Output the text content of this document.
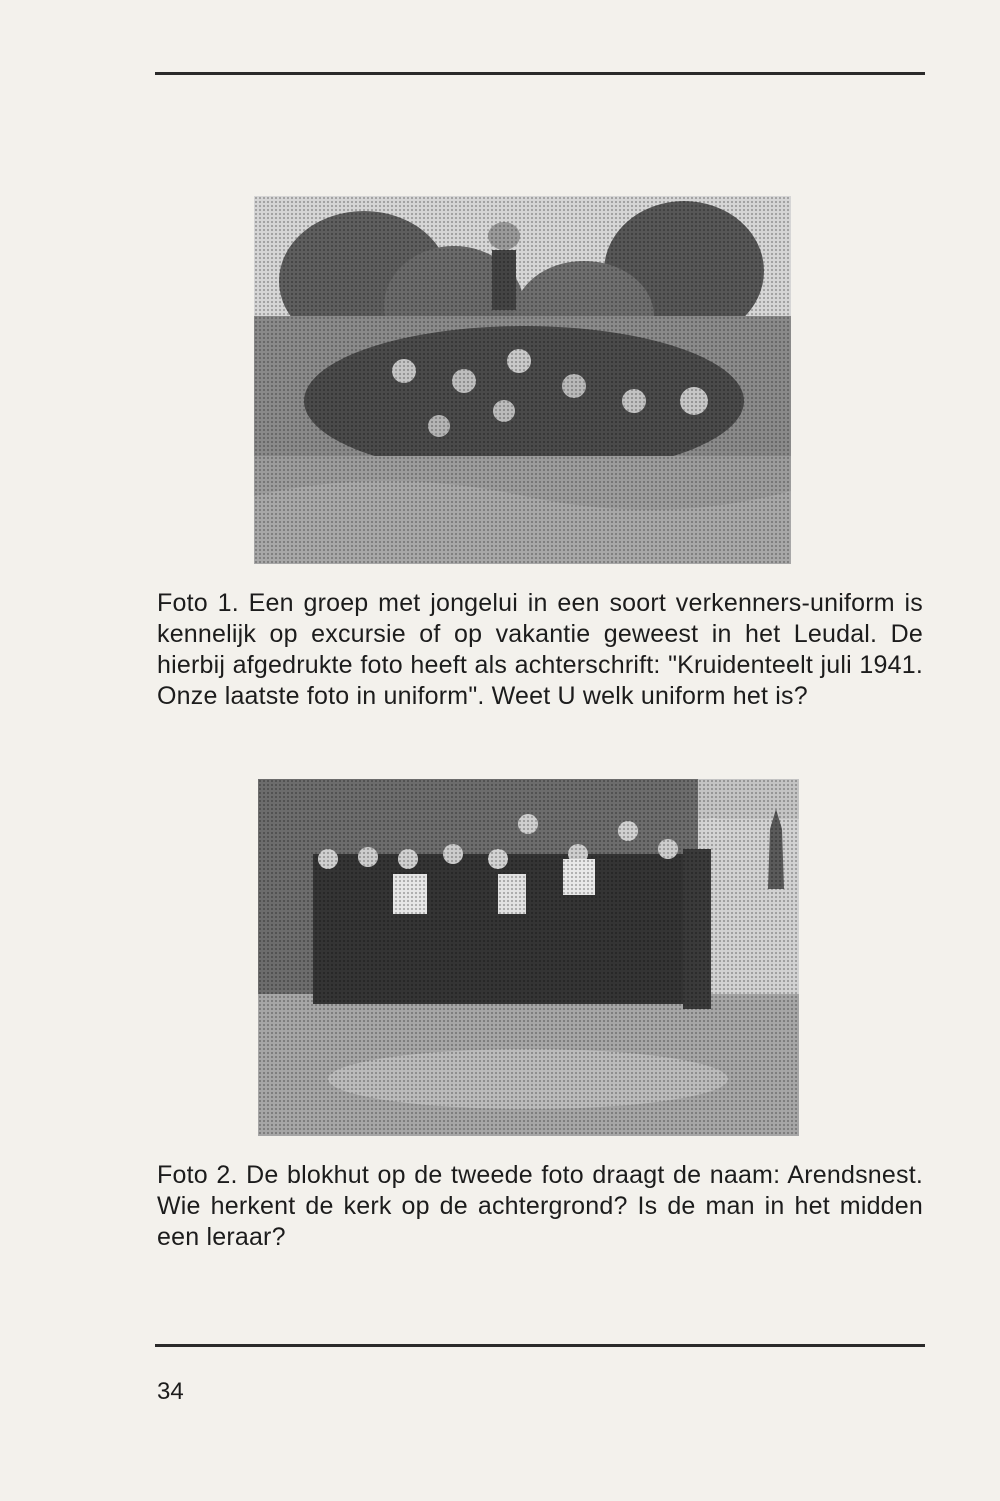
Foto 1. Een groep met jongelui in een soort verkenners-uniform is kennelijk op excursie of op vakantie geweest in het Leudal. De hierbij afgedrukte foto heeft als achterschrift: "Kruidenteelt juli 1941. Onze laatste foto in uniform". Weet U welk uniform het is?

Foto 2. De blokhut op de tweede foto draagt de naam: Arendsnest. Wie herkent de kerk op de achtergrond? Is de man in het midden een leraar?

34
